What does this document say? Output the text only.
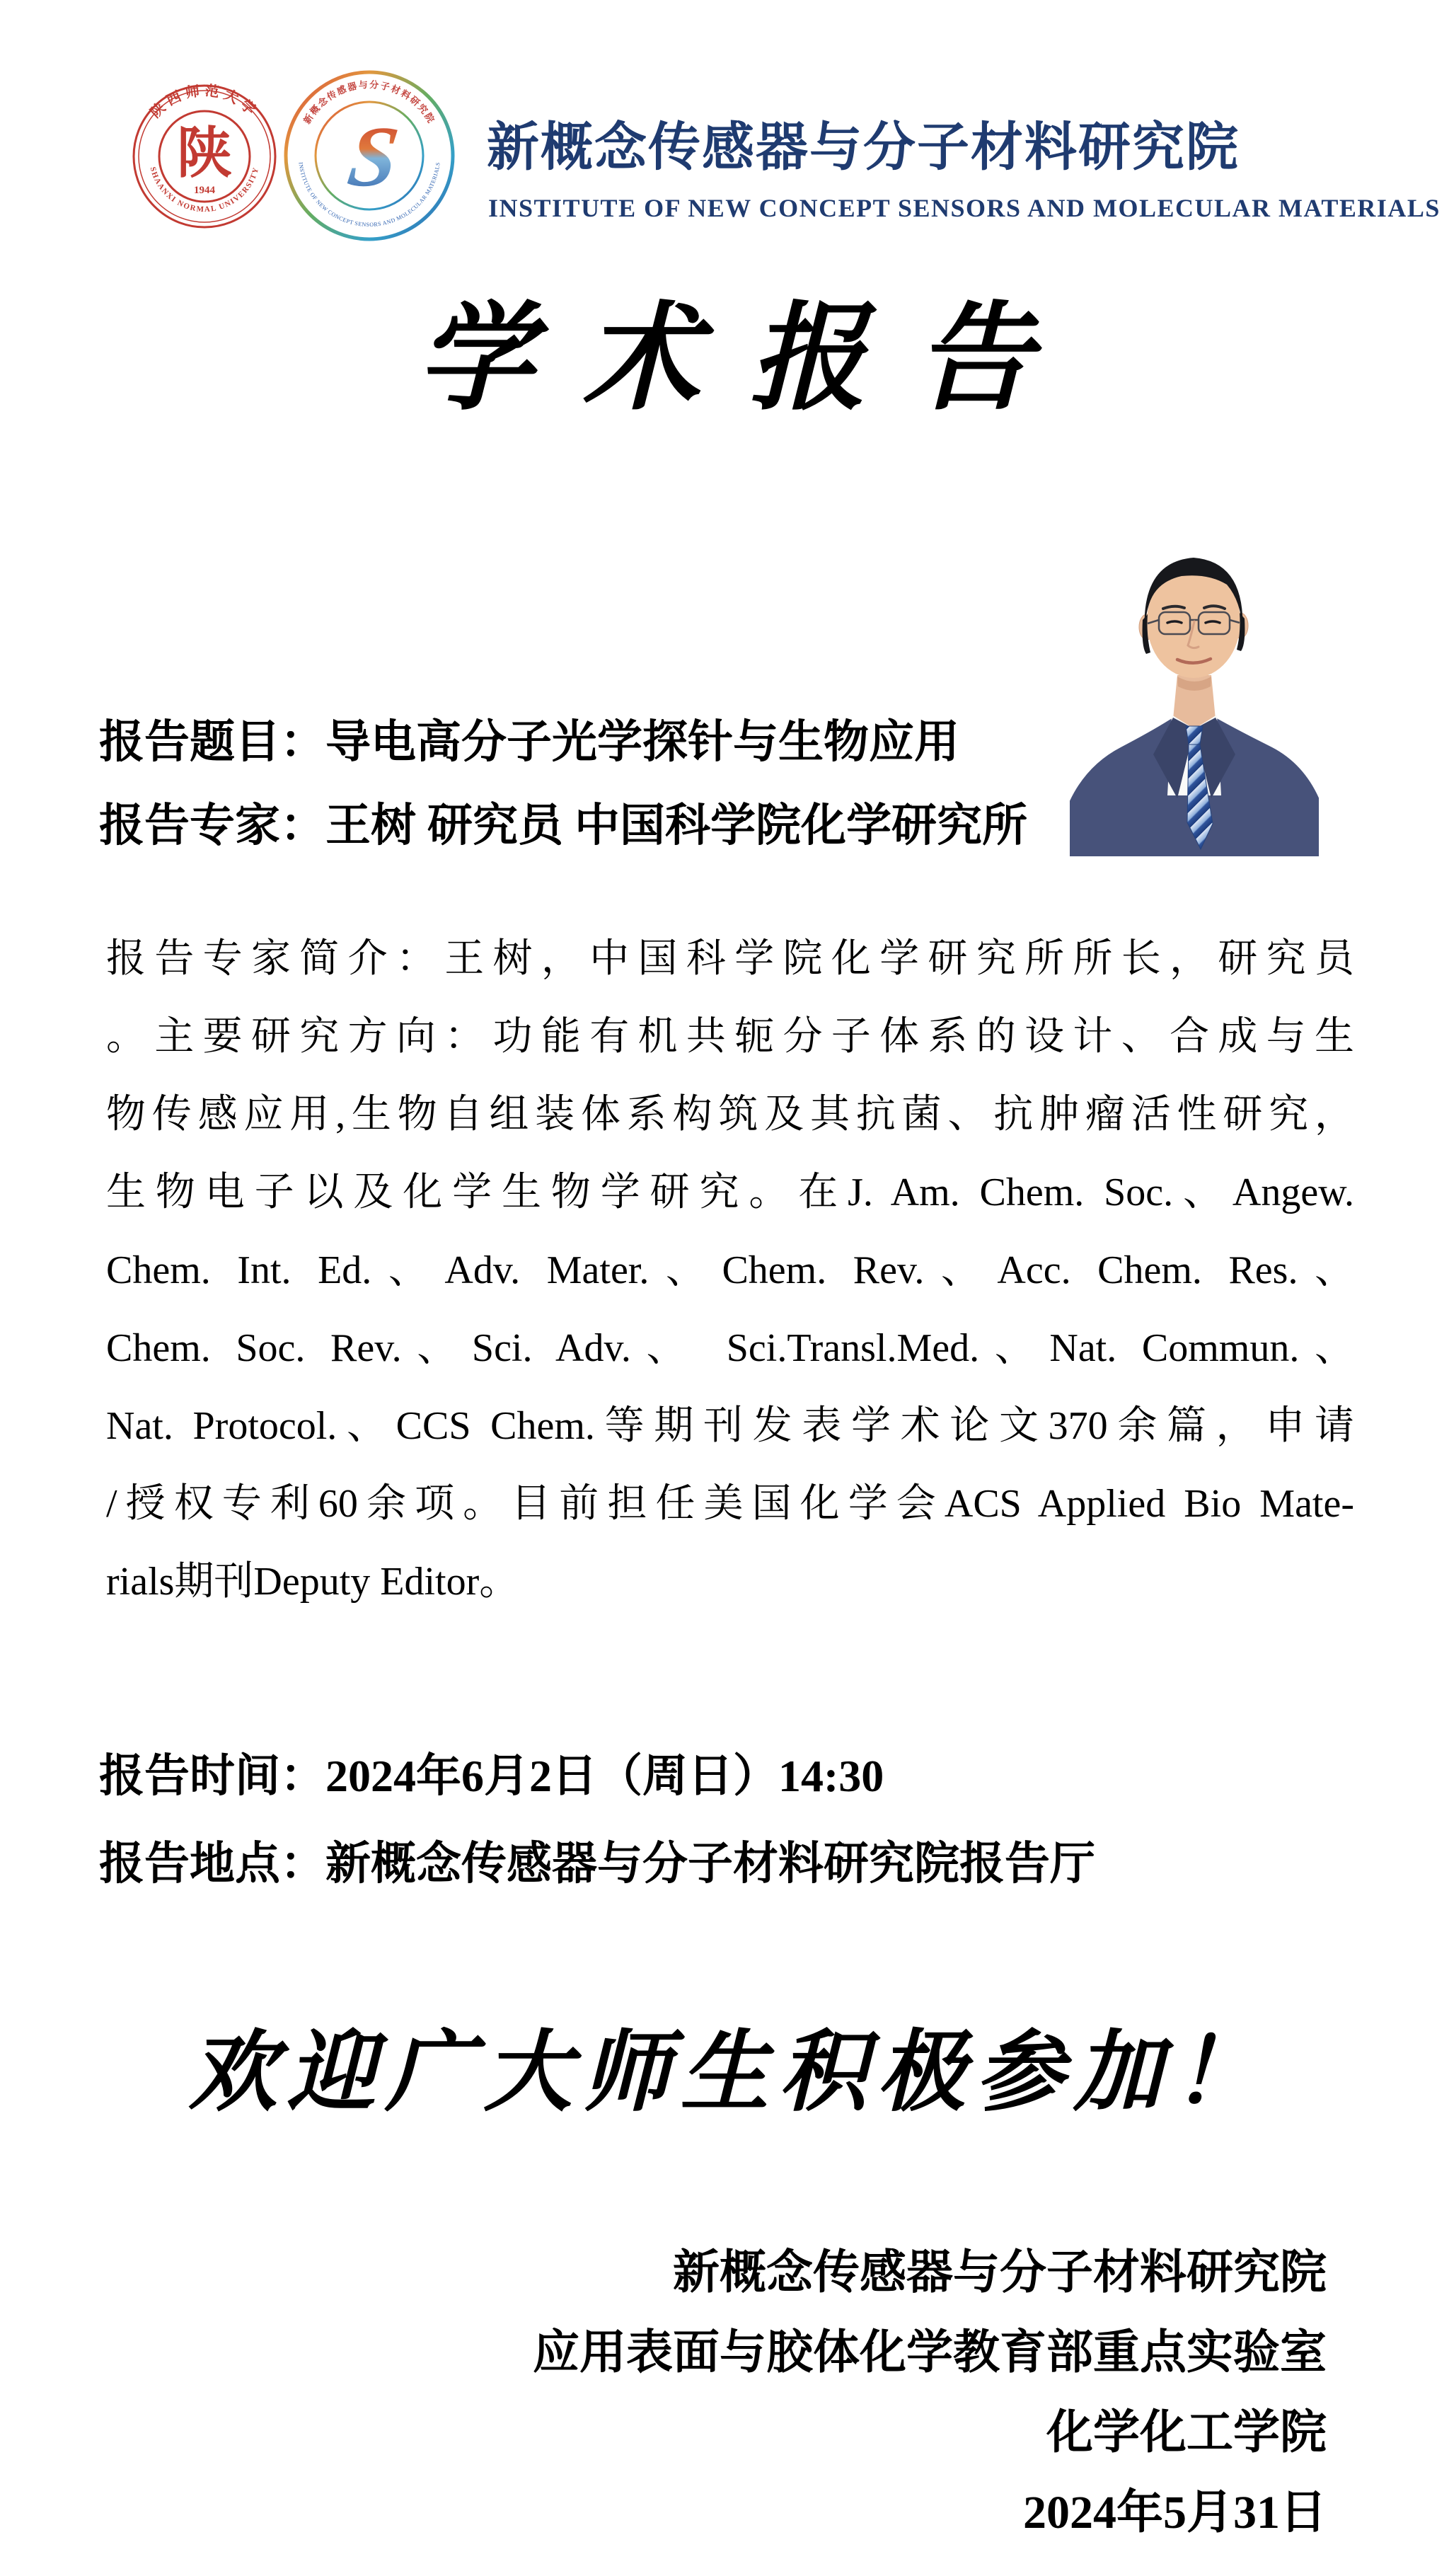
陕西师范大学
SHAANXI NORMAL UNIVERSITY
陕
1944
新概念传感器与分子材料研究院
INSTITUTE OF NEW CONCEPT SENSORS AND MOLECULAR MATERIALS
S 新概念传感器与分子材料研究院
INSTITUTE OF NEW CONCEPT SENSORS AND MOLECULAR MATERIALS
学术报告
报告题目：导电高分子光学探针与生物应用
报告专家：王树 研究员 中国科学院化学研究所
报告专家简介：王树，中国科学院化学研究所所长，研究员
。主要研究方向：功能有机共轭分子体系的设计、合成与生
物传感应用,生物自组装体系构筑及其抗菌、抗肿瘤活性研究，
生物电子以及化学生物学研究。在J. Am. Chem. Soc.、Angew.
Chem. Int. Ed.、Adv. Mater.、Chem. Rev.、Acc. Chem. Res.、
Chem. Soc. Rev.、Sci. Adv.、 Sci.Transl.Med.、Nat. Commun.、
Nat. Protocol.、CCS Chem.等期刊发表学术论文370余篇，申请
/授权专利60余项。目前担任美国化学会ACS Applied Bio Mate-
rials期刊Deputy Editor。
报告时间：2024年6月2日（周日）14:30
报告地点：新概念传感器与分子材料研究院报告厅
欢迎广大师生积极参加！
新概念传感器与分子材料研究院
应用表面与胶体化学教育部重点实验室
化学化工学院
2024年5月31日
